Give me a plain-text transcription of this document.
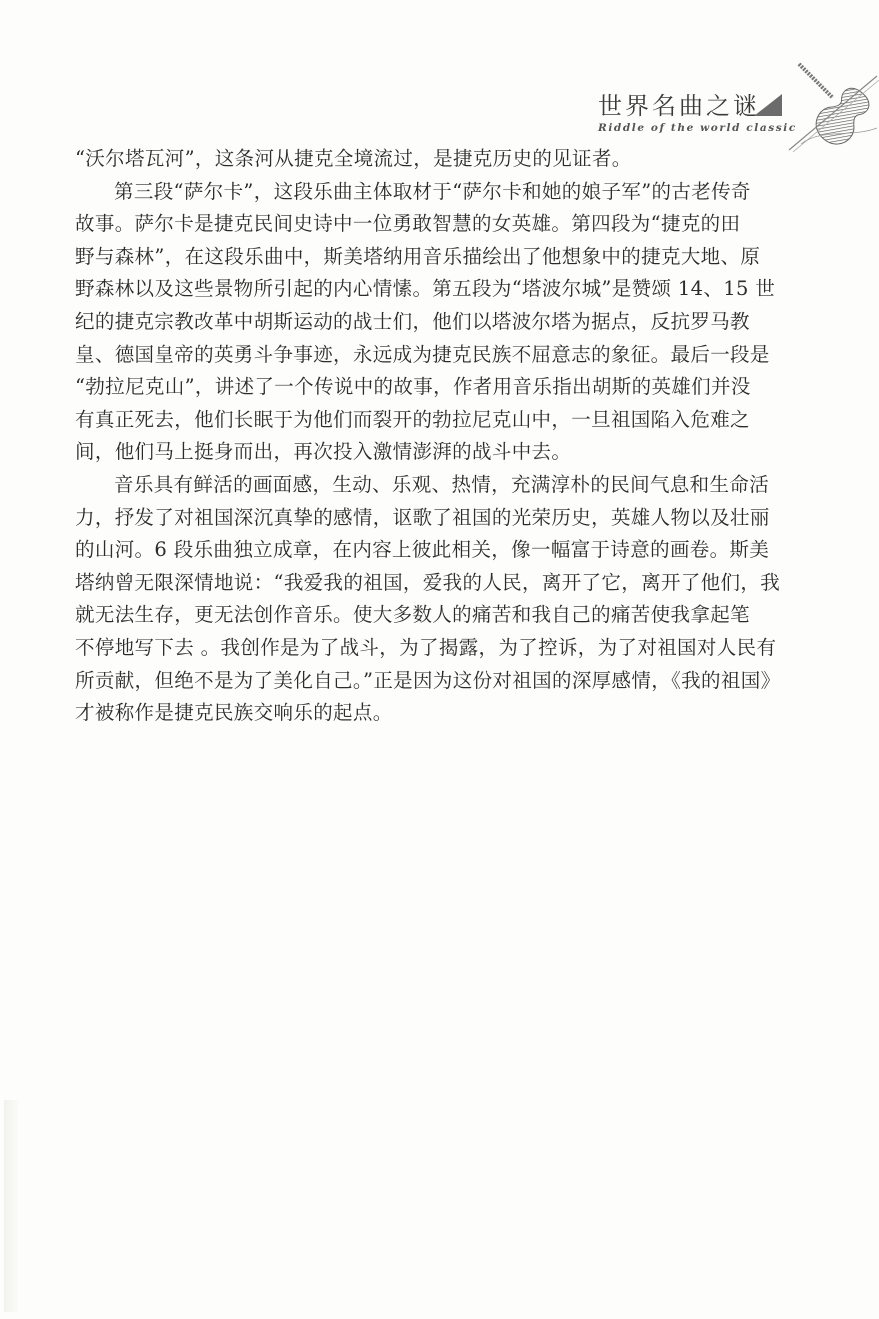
世界名曲之谜
Riddle of the world classic
“沃尔塔瓦河”，这条河从捷克全境流过，是捷克历史的见证者。
第三段“萨尔卡”，这段乐曲主体取材于“萨尔卡和她的娘子军”的古老传奇
故事。萨尔卡是捷克民间史诗中一位勇敢智慧的女英雄。第四段为“捷克的田
野与森林”，在这段乐曲中，斯美塔纳用音乐描绘出了他想象中的捷克大地、原
野森林以及这些景物所引起的内心情愫。第五段为“塔波尔城”是赞颂 14、15 世
纪的捷克宗教改革中胡斯运动的战士们，他们以塔波尔塔为据点，反抗罗马教
皇、德国皇帝的英勇斗争事迹，永远成为捷克民族不屈意志的象征。最后一段是
“勃拉尼克山”，讲述了一个传说中的故事，作者用音乐指出胡斯的英雄们并没
有真正死去，他们长眠于为他们而裂开的勃拉尼克山中，一旦祖国陷入危难之
间，他们马上挺身而出，再次投入激情澎湃的战斗中去。
音乐具有鲜活的画面感，生动、乐观、热情，充满淳朴的民间气息和生命活
力，抒发了对祖国深沉真挚的感情，讴歌了祖国的光荣历史，英雄人物以及壮丽
的山河。6 段乐曲独立成章，在内容上彼此相关，像一幅富于诗意的画卷。斯美
塔纳曾无限深情地说：“我爱我的祖国，爱我的人民，离开了它，离开了他们，我
就无法生存，更无法创作音乐。使大多数人的痛苦和我自己的痛苦使我拿起笔
不停地写下去 。我创作是为了战斗，为了揭露，为了控诉，为了对祖国对人民有
所贡献，但绝不是为了美化自己。”正是因为这份对祖国的深厚感情，《我的祖国》
才被称作是捷克民族交响乐的起点。
